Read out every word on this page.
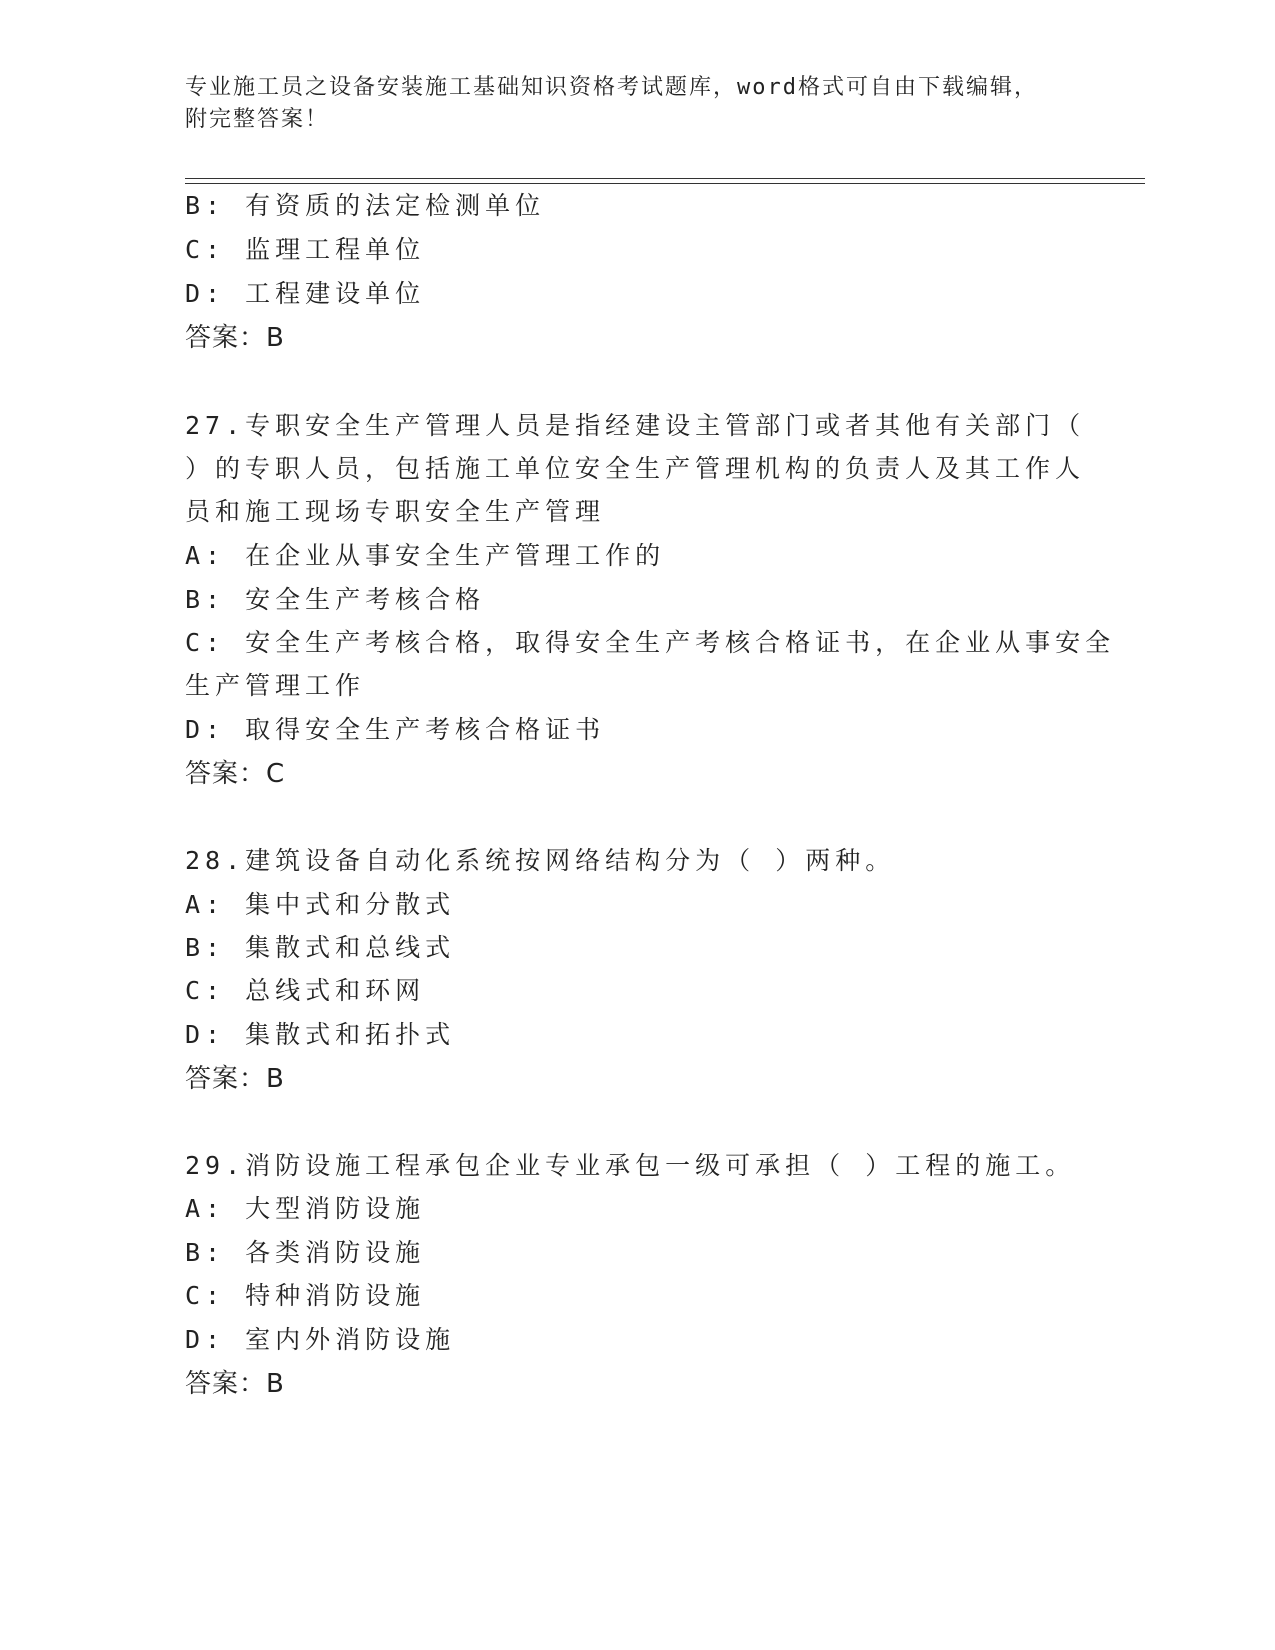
专业施工员之设备安装施工基础知识资格考试题库，word格式可自由下载编辑，
附完整答案！
B: 有资质的法定检测单位
C: 监理工程单位
D: 工程建设单位
答案：B
27.专职安全生产管理人员是指经建设主管部门或者其他有关部门（
）的专职人员，包括施工单位安全生产管理机构的负责人及其工作人
员和施工现场专职安全生产管理
A: 在企业从事安全生产管理工作的
B: 安全生产考核合格
C: 安全生产考核合格，取得安全生产考核合格证书，在企业从事安全
生产管理工作
D: 取得安全生产考核合格证书
答案：C
28.建筑设备自动化系统按网络结构分为（ ）两种。
A: 集中式和分散式
B: 集散式和总线式
C: 总线式和环网
D: 集散式和拓扑式
答案：B
29.消防设施工程承包企业专业承包一级可承担（ ）工程的施工。
A: 大型消防设施
B: 各类消防设施
C: 特种消防设施
D: 室内外消防设施
答案：B
